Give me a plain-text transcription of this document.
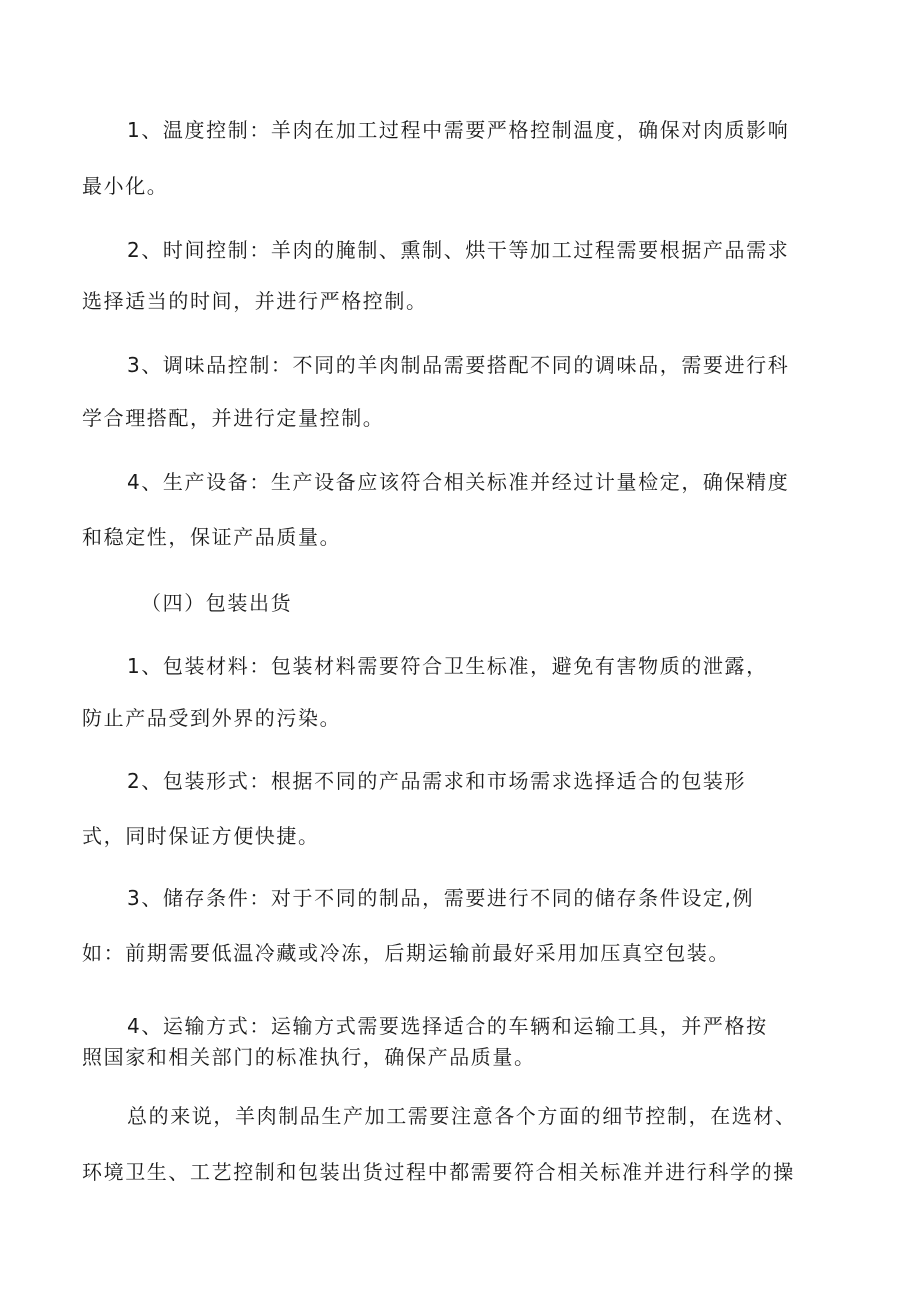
1、温度控制：羊肉在加工过程中需要严格控制温度，确保对肉质影响
最小化。
2、时间控制：羊肉的腌制、熏制、烘干等加工过程需要根据产品需求
选择适当的时间，并进行严格控制。
3、调味品控制：不同的羊肉制品需要搭配不同的调味品，需要进行科
学合理搭配，并进行定量控制。
4、生产设备：生产设备应该符合相关标准并经过计量检定，确保精度
和稳定性，保证产品质量。
（四）包装出货
1、包装材料：包装材料需要符合卫生标准，避免有害物质的泄露，
防止产品受到外界的污染。
2、包装形式：根据不同的产品需求和市场需求选择适合的包装形
式，同时保证方便快捷。
3、储存条件：对于不同的制品，需要进行不同的储存条件设定,例
如：前期需要低温冷藏或冷冻，后期运输前最好采用加压真空包装。
4、运输方式：运输方式需要选择适合的车辆和运输工具，并严格按
照国家和相关部门的标准执行，确保产品质量。
总的来说，羊肉制品生产加工需要注意各个方面的细节控制，在选材、
环境卫生、工艺控制和包装出货过程中都需要符合相关标准并进行科学的操
